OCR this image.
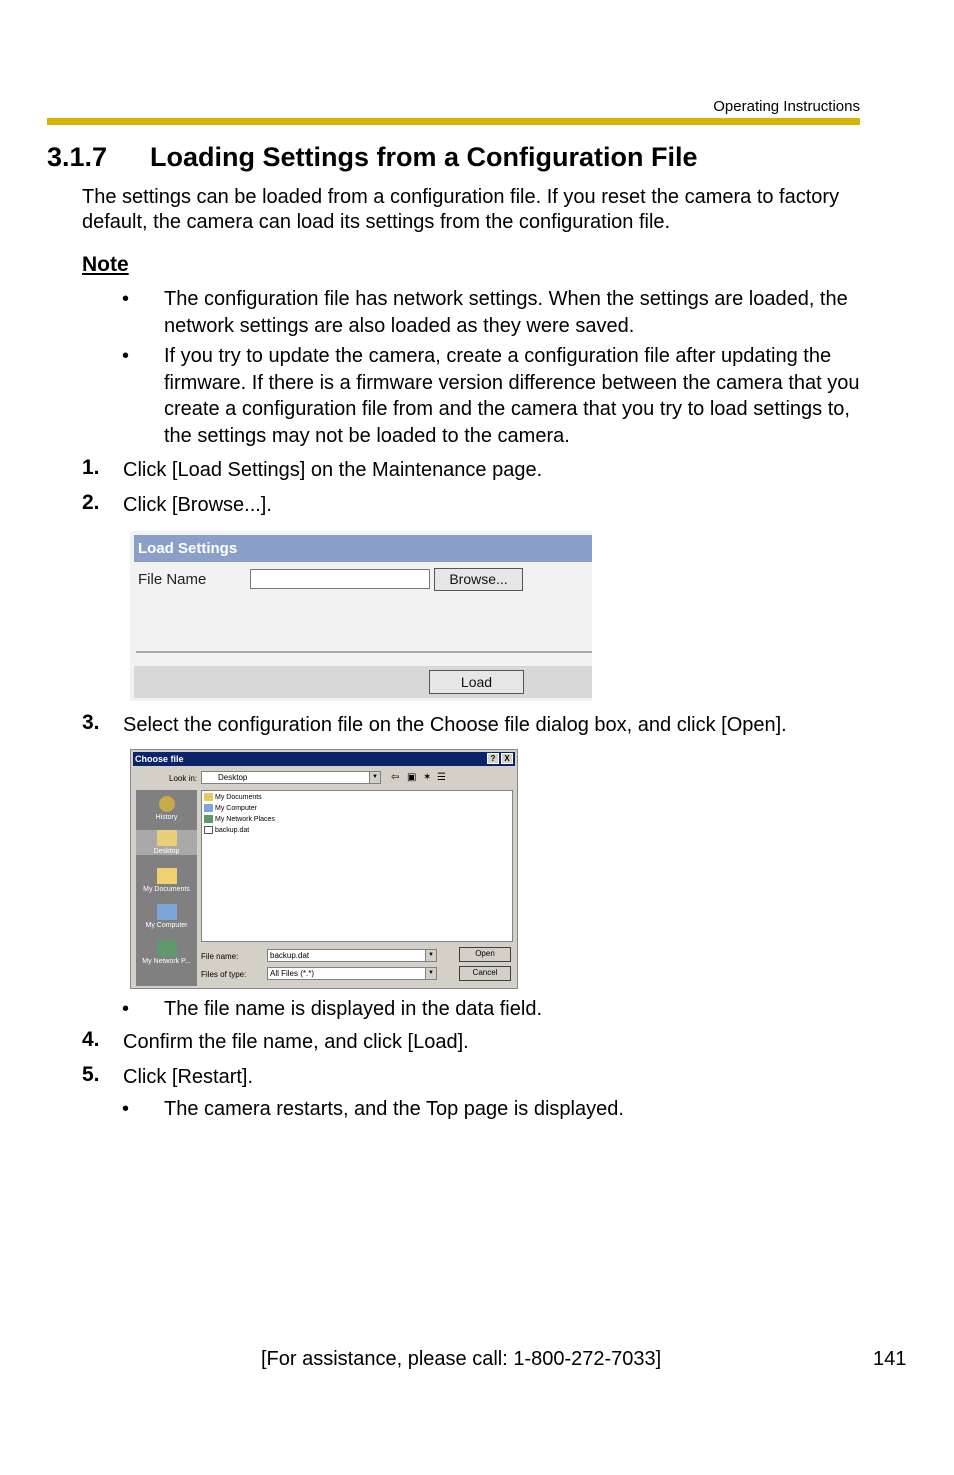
Operating Instructions
3.1.7 Loading Settings from a Configuration File
The settings can be loaded from a configuration file. If you reset the camera to factory default, the camera can load its settings from the configuration file.
Note
• The configuration file has network settings. When the settings are loaded, the network settings are also loaded as they were saved.
• If you try to update the camera, create a configuration file after updating the firmware. If there is a firmware version difference between the camera that you create a configuration file from and the camera that you try to load settings to, the settings may not be loaded to the camera.
1. Click [Load Settings] on the Maintenance page.
2. Click [Browse...].
Load Settings
File Name	Browse...
Load
3. Select the configuration file on the Choose file dialog box, and click [Open].
Choose file	?	X
Look in:	Desktop	▼ ⇦ ▣ ✶ ☰
History
Desktop
My Documents
My Computer
My Network P...
My Documents
My Computer
My Network Places
backup.dat
File name:	backup.dat	▼
Files of type:	All Files (*.*)	▼
Open
Cancel
• The file name is displayed in the data field.
4. Confirm the file name, and click [Load].
5. Click [Restart].
• The camera restarts, and the Top page is displayed.
[For assistance, please call: 1-800-272-7033]	141
